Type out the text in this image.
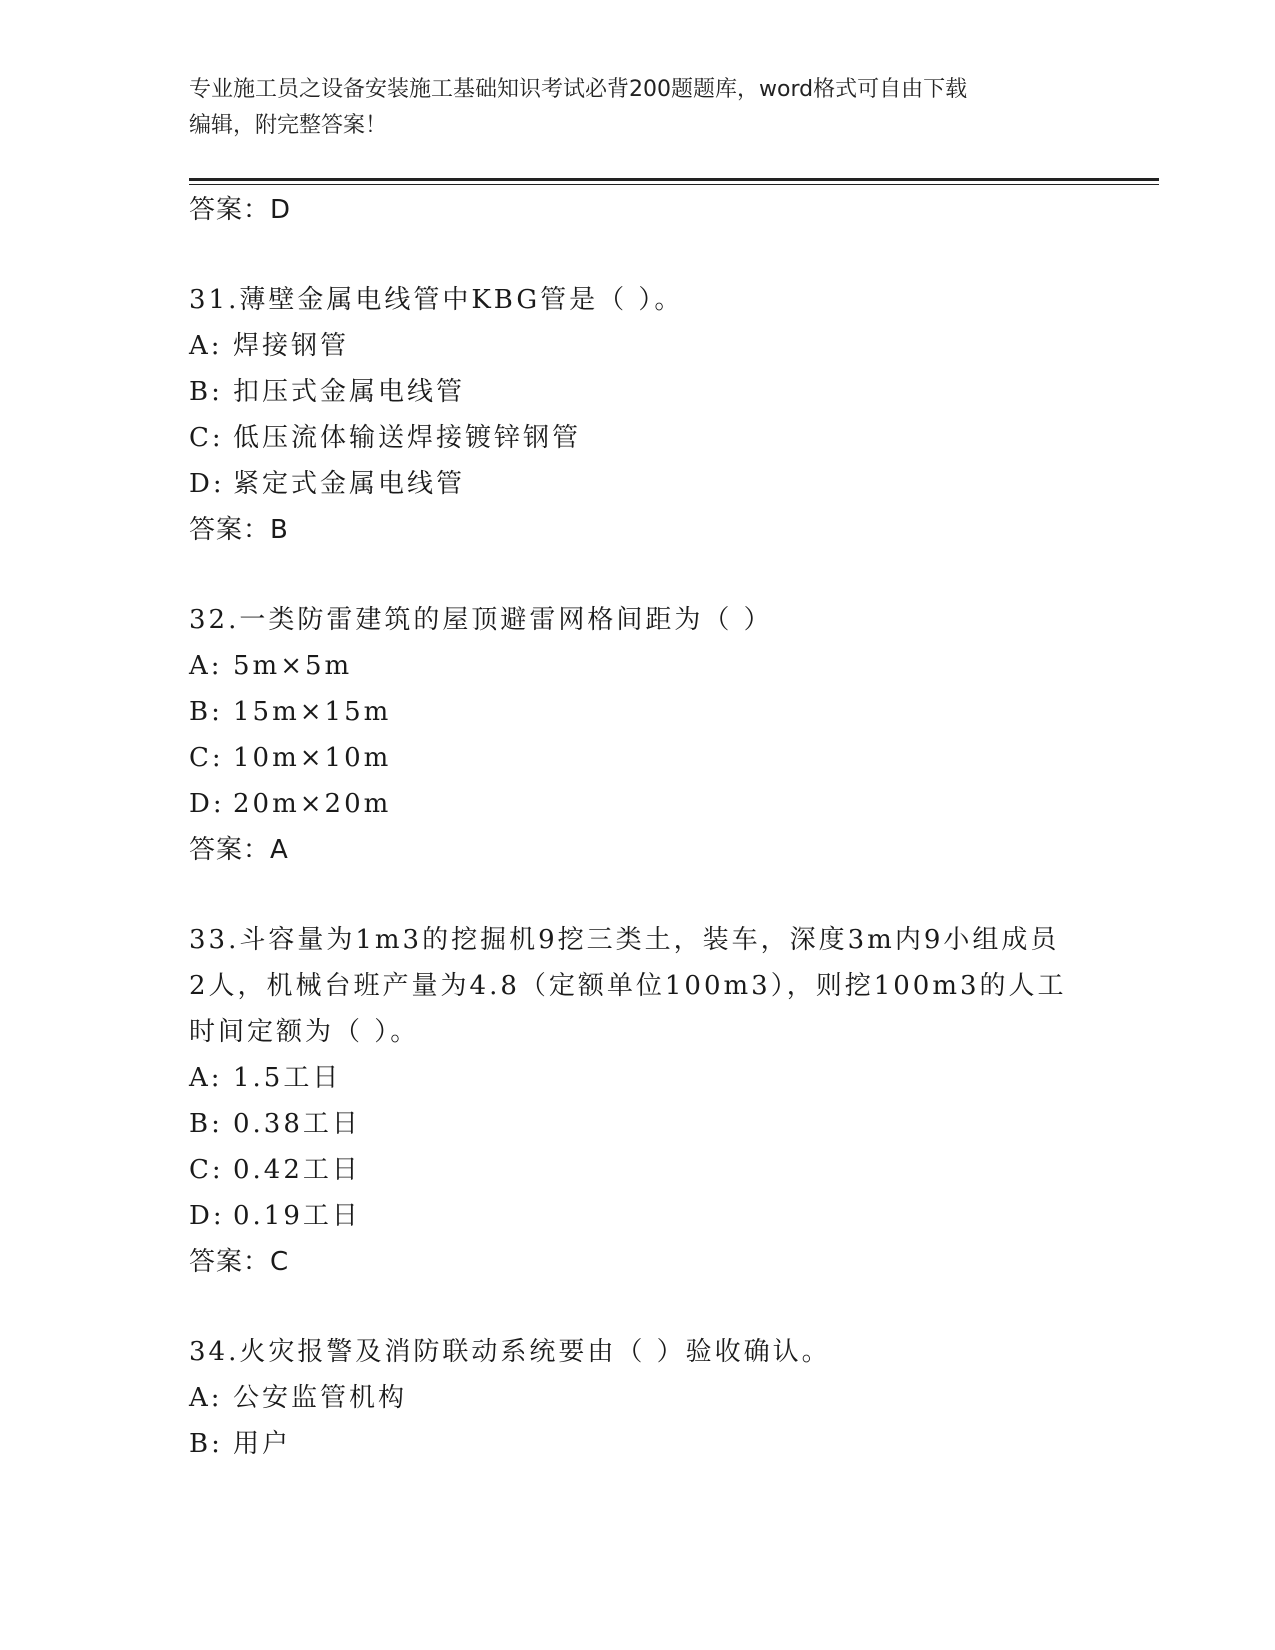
专业施工员之设备安装施工基础知识考试必背200题题库，word格式可自由下载
编辑，附完整答案！
答案：D
31.薄壁金属电线管中KBG管是（ ）。
A: 焊接钢管
B: 扣压式金属电线管
C: 低压流体输送焊接镀锌钢管
D: 紧定式金属电线管
答案：B
32.一类防雷建筑的屋顶避雷网格间距为（ ）
A: 5m×5m
B: 15m×15m
C: 10m×10m
D: 20m×20m
答案：A
33.斗容量为1m3的挖掘机9挖三类土，装车，深度3m内9小组成员2人，机械台班产量为4.8（定额单位100m3），则挖100m3的人工时间定额为（ ）。
A: 1.5工日
B: 0.38工日
C: 0.42工日
D: 0.19工日
答案：C
34.火灾报警及消防联动系统要由（ ）验收确认。
A: 公安监管机构
B: 用户
